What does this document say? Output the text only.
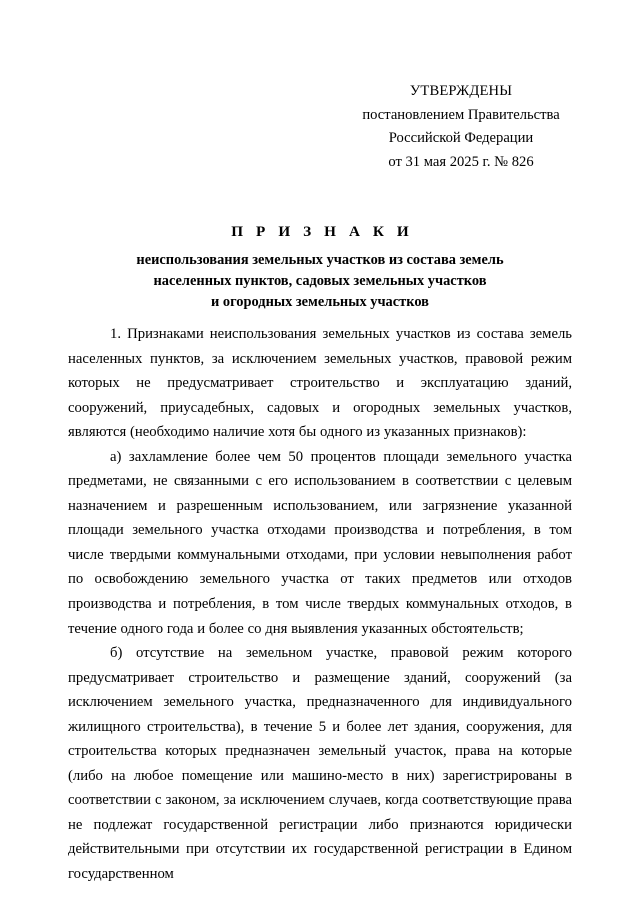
УТВЕРЖДЕНЫ
постановлением Правительства
Российской Федерации
от 31 мая 2025 г. № 826
П Р И З Н А К И
неиспользования земельных участков из состава земель
населенных пунктов, садовых земельных участков
и огородных земельных участков

1. Признаками неиспользования земельных участков из состава земель населенных пунктов, за исключением земельных участков, правовой режим которых не предусматривает строительство и эксплуатацию зданий, сооружений, приусадебных, садовых и огородных земельных участков, являются (необходимо наличие хотя бы одного из указанных признаков):

а) захламление более чем 50 процентов площади земельного участка предметами, не связанными с его использованием в соответствии с целевым назначением и разрешенным использованием, или загрязнение указанной площади земельного участка отходами производства и потребления, в том числе твердыми коммунальными отходами, при условии невыполнения работ по освобождению земельного участка от таких предметов или отходов производства и потребления, в том числе твердых коммунальных отходов, в течение одного года и более со дня выявления указанных обстоятельств;

б) отсутствие на земельном участке, правовой режим которого предусматривает строительство и размещение зданий, сооружений (за исключением земельного участка, предназначенного для индивидуального жилищного строительства), в течение 5 и более лет здания, сооружения, для строительства которых предназначен земельный участок, права на которые (либо на любое помещение или машино-место в них) зарегистрированы в соответствии с законом, за исключением случаев, когда соответствующие права не подлежат государственной регистрации либо признаются юридически действительными при отсутствии их государственной регистрации в Едином государственном
